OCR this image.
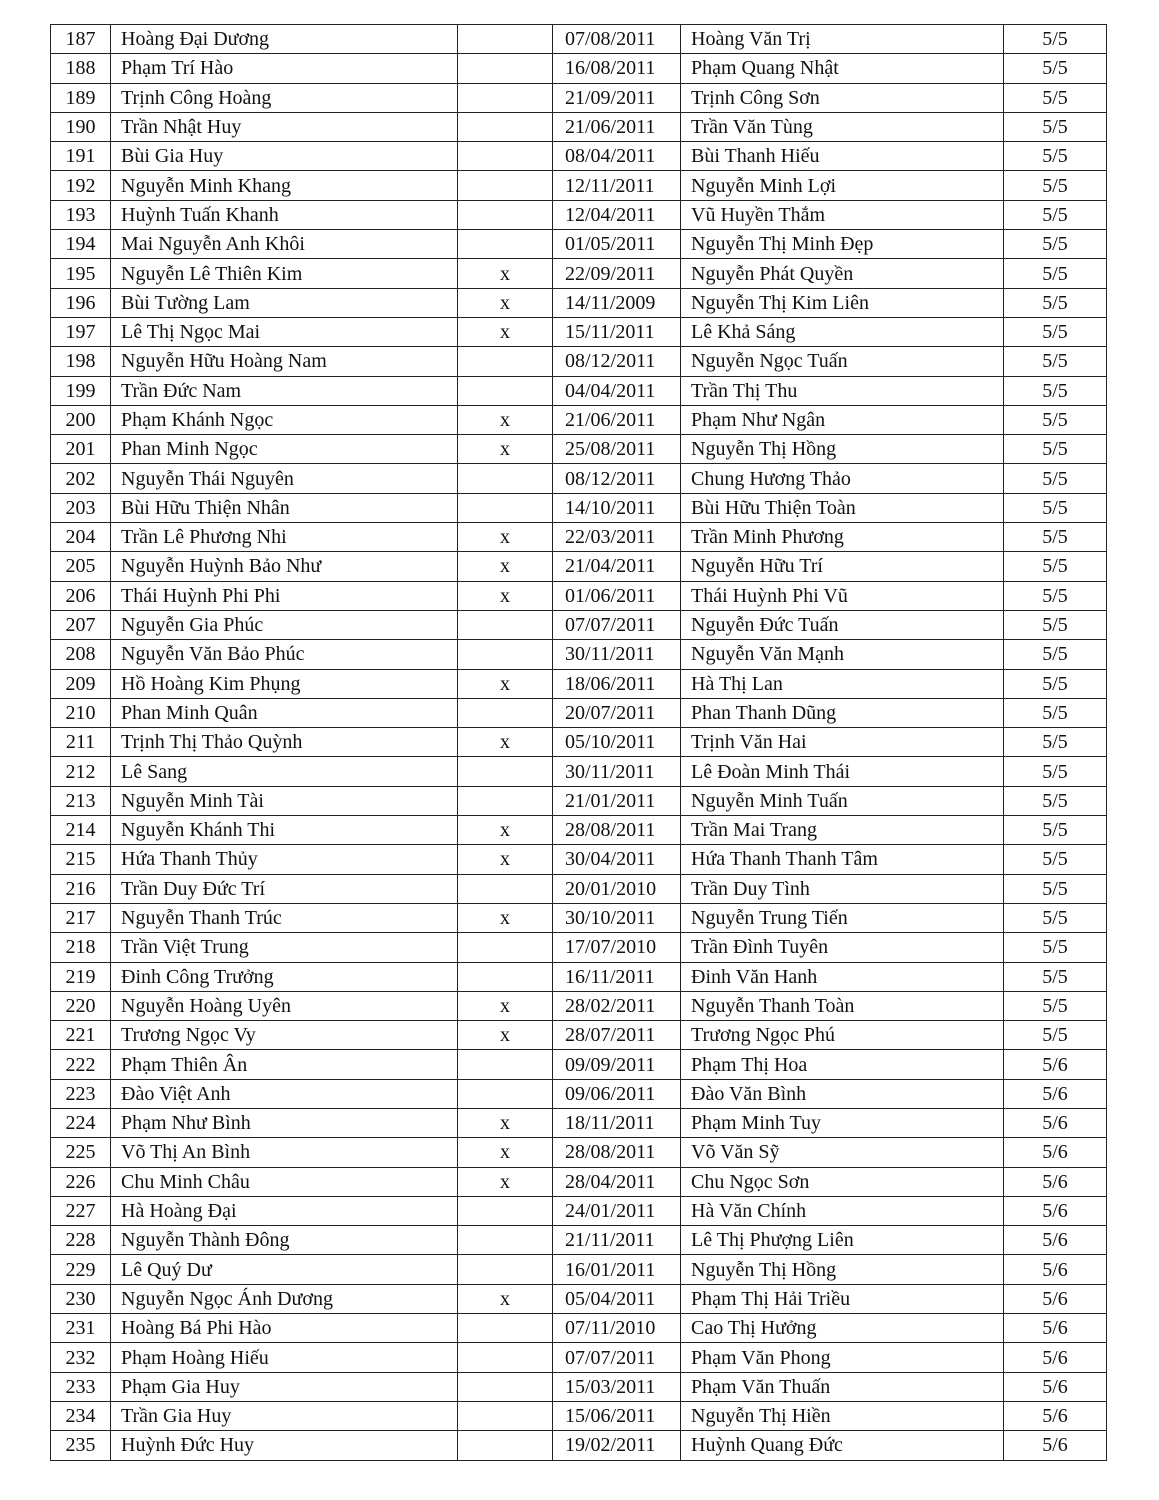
187	Hoàng Đại Dương		07/08/2011	Hoàng Văn Trị	5/5
188	Phạm Trí Hào		16/08/2011	Phạm Quang Nhật	5/5
189	Trịnh Công Hoàng		21/09/2011	Trịnh Công Sơn	5/5
190	Trần Nhật Huy		21/06/2011	Trần Văn Tùng	5/5
191	Bùi Gia Huy		08/04/2011	Bùi Thanh Hiếu	5/5
192	Nguyễn Minh Khang		12/11/2011	Nguyễn Minh Lợi	5/5
193	Huỳnh Tuấn Khanh		12/04/2011	Vũ Huyền Thắm	5/5
194	Mai Nguyễn Anh Khôi		01/05/2011	Nguyễn Thị Minh Đẹp	5/5
195	Nguyễn Lê Thiên Kim	x	22/09/2011	Nguyễn Phát Quyền	5/5
196	Bùi Tường Lam	x	14/11/2009	Nguyễn Thị Kim Liên	5/5
197	Lê Thị Ngọc Mai	x	15/11/2011	Lê Khả Sáng	5/5
198	Nguyễn Hữu Hoàng Nam		08/12/2011	Nguyễn Ngọc Tuấn	5/5
199	Trần Đức Nam		04/04/2011	Trần Thị Thu	5/5
200	Phạm Khánh Ngọc	x	21/06/2011	Phạm Như Ngân	5/5
201	Phan Minh Ngọc	x	25/08/2011	Nguyễn Thị Hồng	5/5
202	Nguyễn Thái Nguyên		08/12/2011	Chung Hương Thảo	5/5
203	Bùi Hữu Thiện Nhân		14/10/2011	Bùi Hữu Thiện Toàn	5/5
204	Trần Lê Phương Nhi	x	22/03/2011	Trần Minh Phương	5/5
205	Nguyễn Huỳnh Bảo Như	x	21/04/2011	Nguyễn Hữu Trí	5/5
206	Thái Huỳnh Phi Phi	x	01/06/2011	Thái Huỳnh Phi Vũ	5/5
207	Nguyễn Gia Phúc		07/07/2011	Nguyễn Đức Tuấn	5/5
208	Nguyễn Văn Bảo Phúc		30/11/2011	Nguyễn Văn Mạnh	5/5
209	Hồ Hoàng Kim Phụng	x	18/06/2011	Hà Thị Lan	5/5
210	Phan Minh Quân		20/07/2011	Phan Thanh Dũng	5/5
211	Trịnh Thị Thảo Quỳnh	x	05/10/2011	Trịnh Văn Hai	5/5
212	Lê Sang		30/11/2011	Lê Đoàn Minh Thái	5/5
213	Nguyễn Minh Tài		21/01/2011	Nguyễn Minh Tuấn	5/5
214	Nguyễn Khánh Thi	x	28/08/2011	Trần Mai Trang	5/5
215	Hứa Thanh Thủy	x	30/04/2011	Hứa Thanh Thanh Tâm	5/5
216	Trần Duy Đức Trí		20/01/2010	Trần Duy Tình	5/5
217	Nguyễn Thanh Trúc	x	30/10/2011	Nguyễn Trung Tiến	5/5
218	Trần Việt Trung		17/07/2010	Trần Đình Tuyên	5/5
219	Đinh Công Trưởng		16/11/2011	Đinh Văn Hanh	5/5
220	Nguyễn Hoàng Uyên	x	28/02/2011	Nguyễn Thanh Toàn	5/5
221	Trương Ngọc Vy	x	28/07/2011	Trương Ngọc Phú	5/5
222	Phạm Thiên Ân		09/09/2011	Phạm Thị Hoa	5/6
223	Đào Việt Anh		09/06/2011	Đào Văn Bình	5/6
224	Phạm Như Bình	x	18/11/2011	Phạm Minh Tuy	5/6
225	Võ Thị An Bình	x	28/08/2011	Võ Văn Sỹ	5/6
226	Chu Minh Châu	x	28/04/2011	Chu Ngọc Sơn	5/6
227	Hà Hoàng Đại		24/01/2011	Hà Văn Chính	5/6
228	Nguyễn Thành Đông		21/11/2011	Lê Thị Phượng Liên	5/6
229	Lê Quý Dư		16/01/2011	Nguyễn Thị Hồng	5/6
230	Nguyễn Ngọc Ánh Dương	x	05/04/2011	Phạm Thị Hải Triều	5/6
231	Hoàng Bá Phi Hào		07/11/2010	Cao Thị Hưởng	5/6
232	Phạm Hoàng Hiếu		07/07/2011	Phạm Văn Phong	5/6
233	Phạm Gia Huy		15/03/2011	Phạm Văn Thuấn	5/6
234	Trần Gia Huy		15/06/2011	Nguyễn Thị Hiền	5/6
235	Huỳnh Đức Huy		19/02/2011	Huỳnh Quang Đức	5/6
